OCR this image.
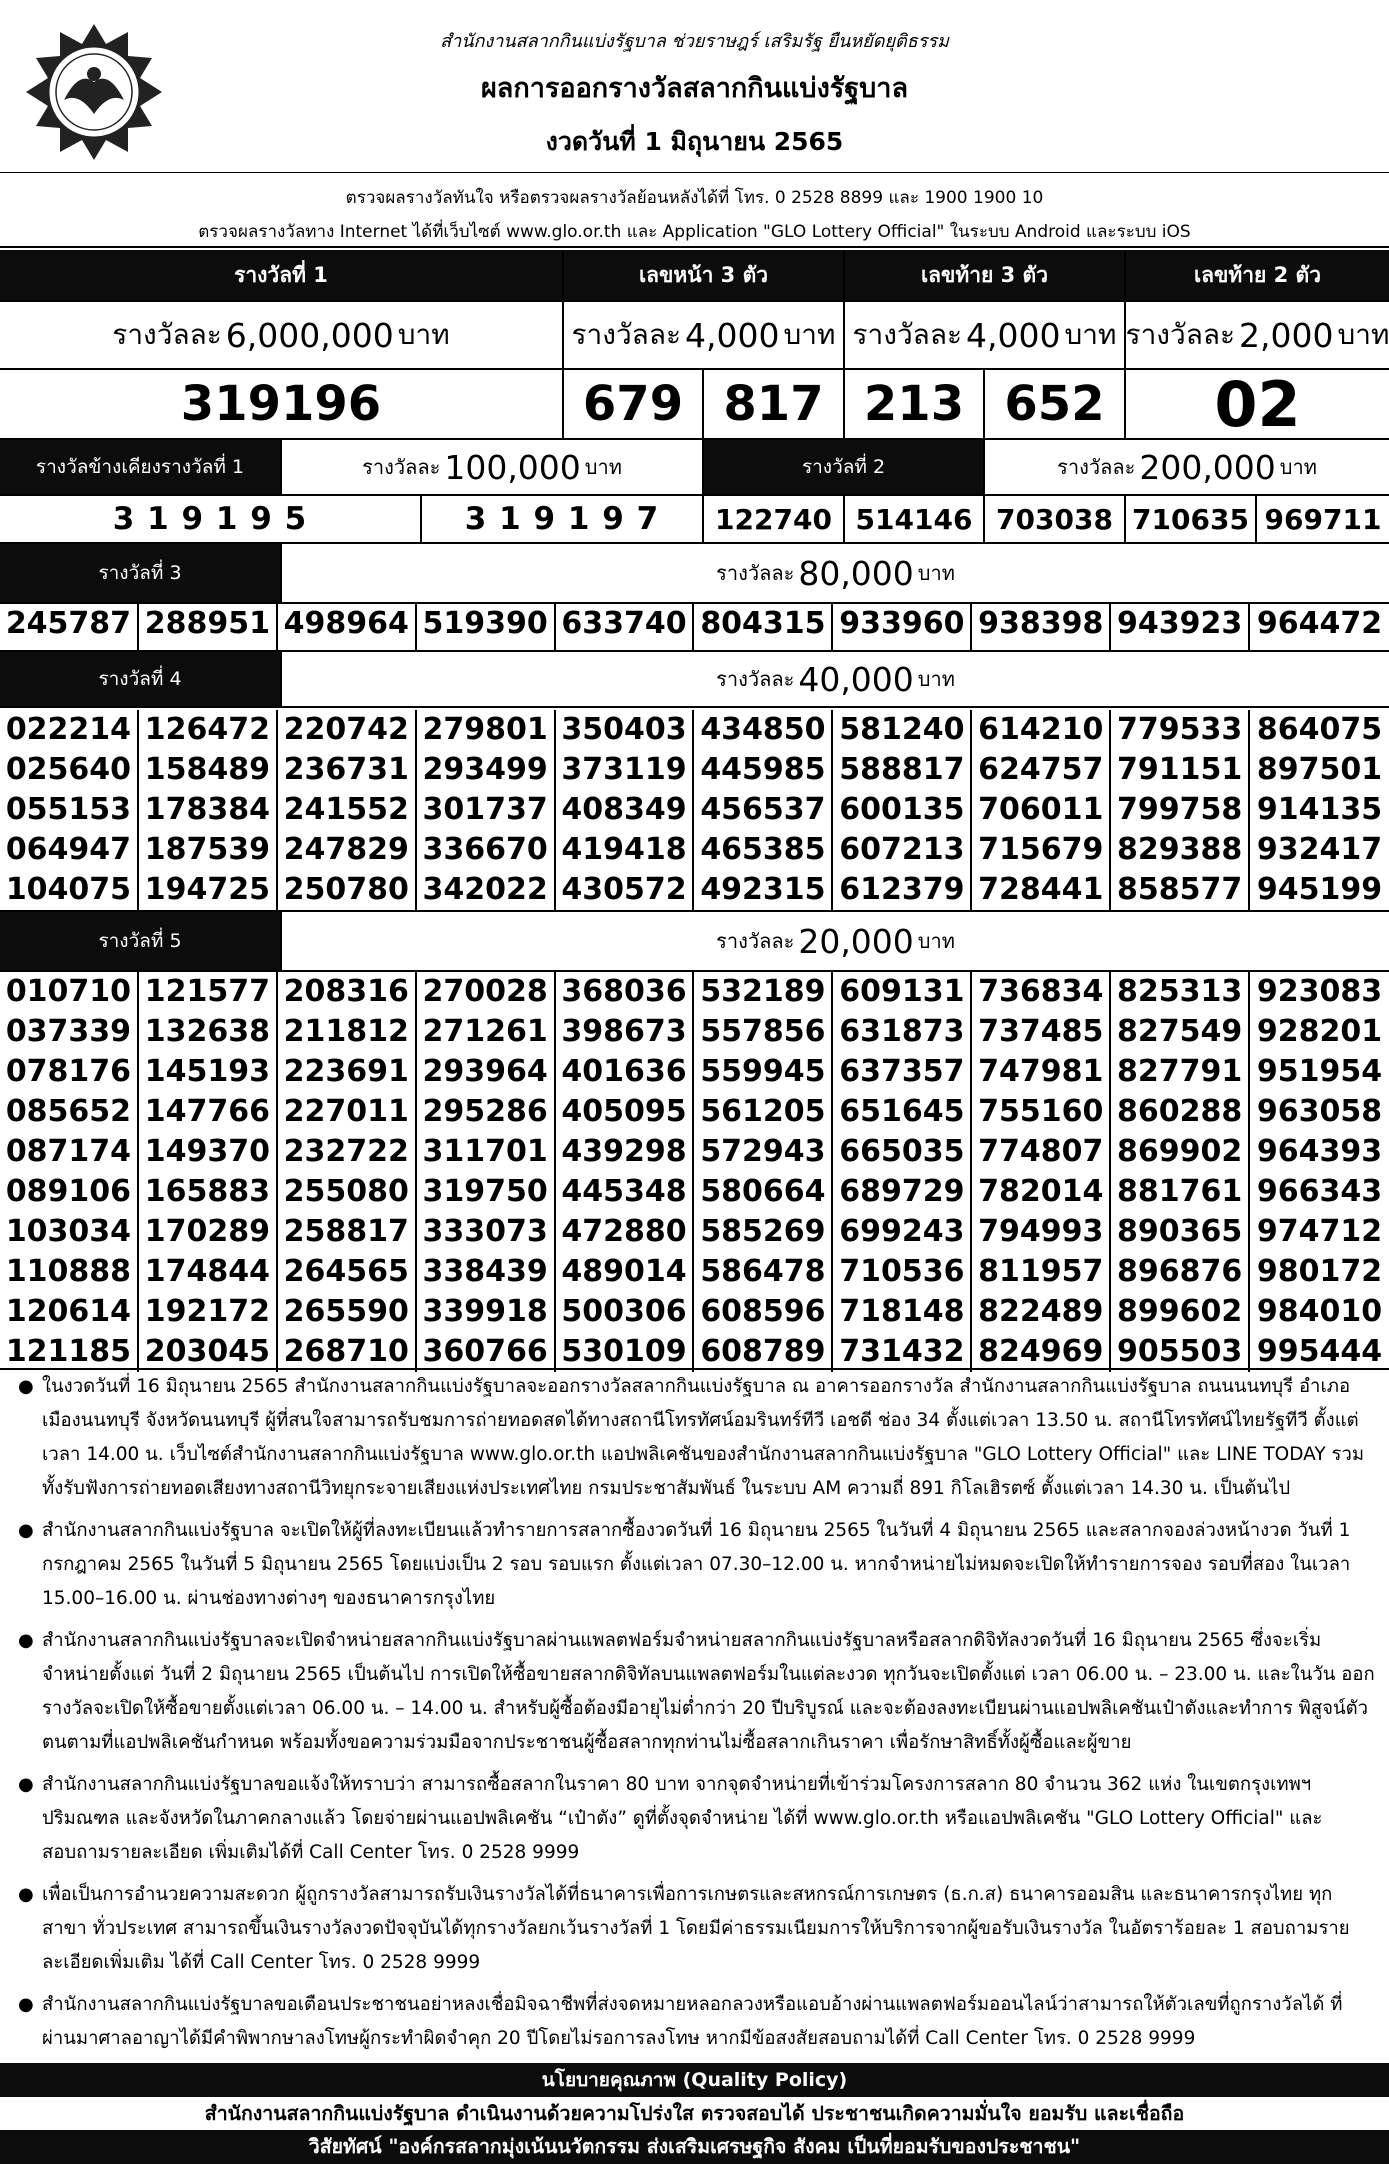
สำนักงานสลากกินแบ่งรัฐบาล ช่วยราษฎร์ เสริมรัฐ ยืนหยัดยุติธรรม
ผลการออกรางวัลสลากกินแบ่งรัฐบาล
งวดวันที่ 1 มิถุนายน 2565
ตรวจผลรางวัลทันใจ หรือตรวจผลรางวัลย้อนหลังได้ที่ โทร. 0 2528 8899 และ 1900 1900 10
ตรวจผลรางวัลทาง Internet ได้ที่เว็บไซต์ www.glo.or.th และ Application "GLO Lottery Official" ในระบบ Android และระบบ iOS
รางวัลที่ 1	เลขหน้า 3 ตัว	เลขท้าย 3 ตัว	เลขท้าย 2 ตัว
รางวัลละ 6,000,000 บาท	รางวัลละ 4,000 บาท รางวัลละ 4,000 บาท รางวัลละ 2,000 บาท
319196	679 817 213 652	02
รางวัลข้างเคียงรางวัลที่ 1	รางวัลละ 100,000 บาท	รางวัลที่ 2	รางวัลละ 200,000 บาท
3 1 9 1 9 5	3 1 9 1 9 7	122740 514146 703038 710635 969711
รางวัลที่ 3	รางวัลละ 80,000 บาท
245787 288951 498964 519390 633740 804315 933960 938398 943923 964472
รางวัลที่ 4	รางวัลละ 40,000 บาท
022214 126472 220742 279801 350403 434850 581240 614210 779533 864075
025640 158489 236731 293499 373119 445985 588817 624757 791151 897501
055153 178384 241552 301737 408349 456537 600135 706011 799758 914135
064947 187539 247829 336670 419418 465385 607213 715679 829388 932417
104075 194725 250780 342022 430572 492315 612379 728441 858577 945199
รางวัลที่ 5	รางวัลละ 20,000 บาท
010710 121577 208316 270028 368036 532189 609131 736834 825313 923083
037339 132638 211812 271261 398673 557856 631873 737485 827549 928201
078176 145193 223691 293964 401636 559945 637357 747981 827791 951954
085652 147766 227011 295286 405095 561205 651645 755160 860288 963058
087174 149370 232722 311701 439298 572943 665035 774807 869902 964393
089106 165883 255080 319750 445348 580664 689729 782014 881761 966343
103034 170289 258817 333073 472880 585269 699243 794993 890365 974712
110888 174844 264565 338439 489014 586478 710536 811957 896876 980172
120614 192172 265590 339918 500306 608596 718148 822489 899602 984010
121185 203045 268710 360766 530109 608789 731432 824969 905503 995444
● ในงวดวันที่ 16 มิถุนายน 2565 สำนักงานสลากกินแบ่งรัฐบาลจะออกรางวัลสลากกินแบ่งรัฐบาล ณ อาคารออกรางวัล สำนักงานสลากกินแบ่งรัฐบาล ถนนนนทบุรี อำเภอเมืองนนทบุรี จังหวัดนนทบุรี ผู้ที่สนใจสามารถรับชมการถ่ายทอดสดได้ทางสถานีโทรทัศน์อมรินทร์ทีวี เอชดี ช่อง 34 ตั้งแต่เวลา 13.50 น. สถานีโทรทัศน์ไทยรัฐทีวี ตั้งแต่เวลา 14.00 น. เว็บไซต์สำนักงานสลากกินแบ่งรัฐบาล www.glo.or.th แอปพลิเคชันของสำนักงานสลากกินแบ่งรัฐบาล "GLO Lottery Official" และ LINE TODAY รวมทั้งรับฟังการถ่ายทอดเสียงทางสถานีวิทยุกระจายเสียงแห่งประเทศไทย กรมประชาสัมพันธ์ ในระบบ AM ความถี่ 891 กิโลเฮิรตซ์ ตั้งแต่เวลา 14.30 น. เป็นต้นไป
● สำนักงานสลากกินแบ่งรัฐบาล จะเปิดให้ผู้ที่ลงทะเบียนแล้วทำรายการสลากซื้องวดวันที่ 16 มิถุนายน 2565 ในวันที่ 4 มิถุนายน 2565 และสลากจองล่วงหน้างวด วันที่ 1 กรกฎาคม 2565 ในวันที่ 5 มิถุนายน 2565 โดยแบ่งเป็น 2 รอบ รอบแรก ตั้งแต่เวลา 07.30–12.00 น. หากจำหน่ายไม่หมดจะเปิดให้ทำรายการจอง รอบที่สอง ในเวลา 15.00–16.00 น. ผ่านช่องทางต่างๆ ของธนาคารกรุงไทย
● สำนักงานสลากกินแบ่งรัฐบาลจะเปิดจำหน่ายสลากกินแบ่งรัฐบาลผ่านแพลตฟอร์มจำหน่ายสลากกินแบ่งรัฐบาลหรือสลากดิจิทัลงวดวันที่ 16 มิถุนายน 2565 ซึ่งจะเริ่ม จำหน่ายตั้งแต่ วันที่ 2 มิถุนายน 2565 เป็นต้นไป การเปิดให้ซื้อขายสลากดิจิทัลบนแพลตฟอร์มในแต่ละงวด ทุกวันจะเปิดตั้งแต่ เวลา 06.00 น. – 23.00 น. และในวัน ออกรางวัลจะเปิดให้ซื้อขายตั้งแต่เวลา 06.00 น. – 14.00 น. สำหรับผู้ซื้อต้องมีอายุไม่ต่ำกว่า 20 ปีบริบูรณ์ และจะต้องลงทะเบียนผ่านแอปพลิเคชันเป๋าตังและทำการ พิสูจน์ตัวตนตามที่แอปพลิเคชันกำหนด พร้อมทั้งขอความร่วมมือจากประชาชนผู้ซื้อสลากทุกท่านไม่ซื้อสลากเกินราคา เพื่อรักษาสิทธิ์ทั้งผู้ซื้อและผู้ขาย
● สำนักงานสลากกินแบ่งรัฐบาลขอแจ้งให้ทราบว่า สามารถซื้อสลากในราคา 80 บาท จากจุดจำหน่ายที่เข้าร่วมโครงการสลาก 80 จำนวน 362 แห่ง ในเขตกรุงเทพฯ ปริมณฑล และจังหวัดในภาคกลางแล้ว โดยจ่ายผ่านแอปพลิเคชัน “เป๋าตัง” ดูที่ตั้งจุดจำหน่าย ได้ที่ www.glo.or.th หรือแอปพลิเคชัน "GLO Lottery Official" และสอบถามรายละเอียด เพิ่มเติมได้ที่ Call Center โทร. 0 2528 9999
● เพื่อเป็นการอำนวยความสะดวก ผู้ถูกรางวัลสามารถรับเงินรางวัลได้ที่ธนาคารเพื่อการเกษตรและสหกรณ์การเกษตร (ธ.ก.ส) ธนาคารออมสิน และธนาคารกรุงไทย ทุกสาขา ทั่วประเทศ สามารถขึ้นเงินรางวัลงวดปัจจุบันได้ทุกรางวัลยกเว้นรางวัลที่ 1 โดยมีค่าธรรมเนียมการให้บริการจากผู้ขอรับเงินรางวัล ในอัตราร้อยละ 1 สอบถามรายละเอียดเพิ่มเติม ได้ที่ Call Center โทร. 0 2528 9999
● สำนักงานสลากกินแบ่งรัฐบาลขอเตือนประชาชนอย่าหลงเชื่อมิจฉาชีพที่ส่งจดหมายหลอกลวงหรือแอบอ้างผ่านแพลตฟอร์มออนไลน์ว่าสามารถให้ตัวเลขที่ถูกรางวัลได้ ที่ผ่านมาศาลอาญาได้มีคำพิพากษาลงโทษผู้กระทำผิดจำคุก 20 ปีโดยไม่รอการลงโทษ หากมีข้อสงสัยสอบถามได้ที่ Call Center โทร. 0 2528 9999
นโยบายคุณภาพ (Quality Policy)
สำนักงานสลากกินแบ่งรัฐบาล ดำเนินงานด้วยความโปร่งใส ตรวจสอบได้ ประชาชนเกิดความมั่นใจ ยอมรับ และเชื่อถือ
วิสัยทัศน์ "องค์กรสลากมุ่งเน้นนวัตกรรม ส่งเสริมเศรษฐกิจ สังคม เป็นที่ยอมรับของประชาชน"
